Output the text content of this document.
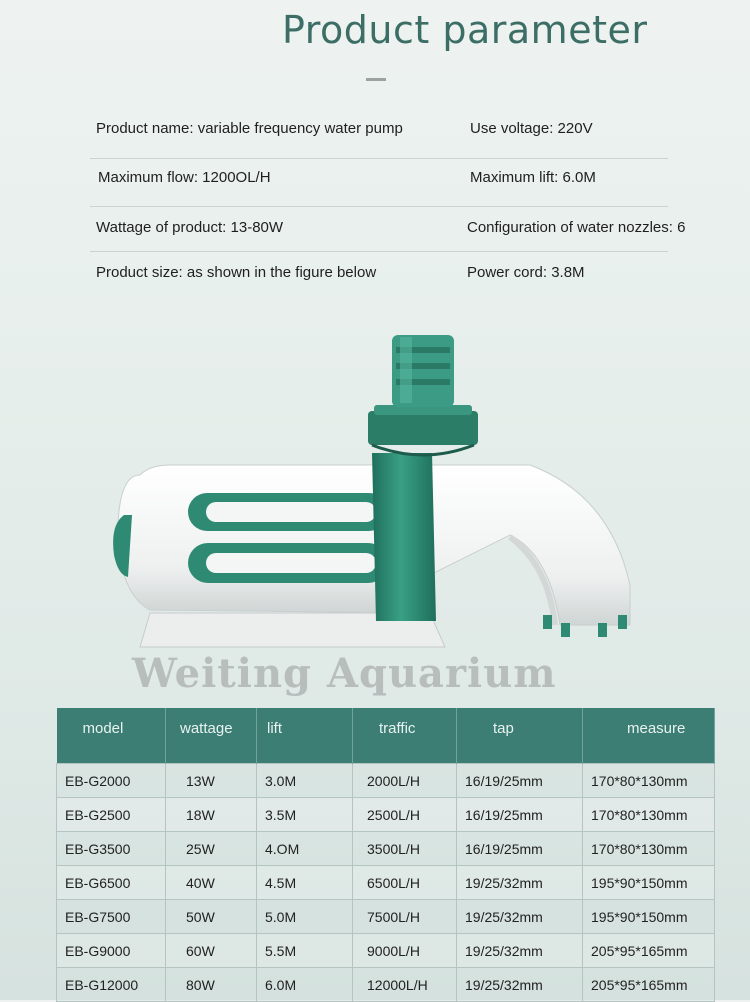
Product parameter
Product name: variable frequency water pump	Use voltage: 220V
Maximum flow: 1200OL/H	Maximum lift: 6.0M
Wattage of product: 13-80W	Configuration of water nozzles: 6
Product size: as shown in the figure below	Power cord: 3.8M
Weiting Aquarium
model	wattage	lift	traffic	tap	measure
EB-G2000	13W	3.0M	2000L/H	16/19/25mm	170*80*130mm
EB-G2500	18W	3.5M	2500L/H	16/19/25mm	170*80*130mm
EB-G3500	25W	4.OM	3500L/H	16/19/25mm	170*80*130mm
EB-G6500	40W	4.5M	6500L/H	19/25/32mm	195*90*150mm
EB-G7500	50W	5.0M	7500L/H	19/25/32mm	195*90*150mm
EB-G9000	60W	5.5M	9000L/H	19/25/32mm	205*95*165mm
EB-G12000	80W	6.0M	12000L/H	19/25/32mm	205*95*165mm
